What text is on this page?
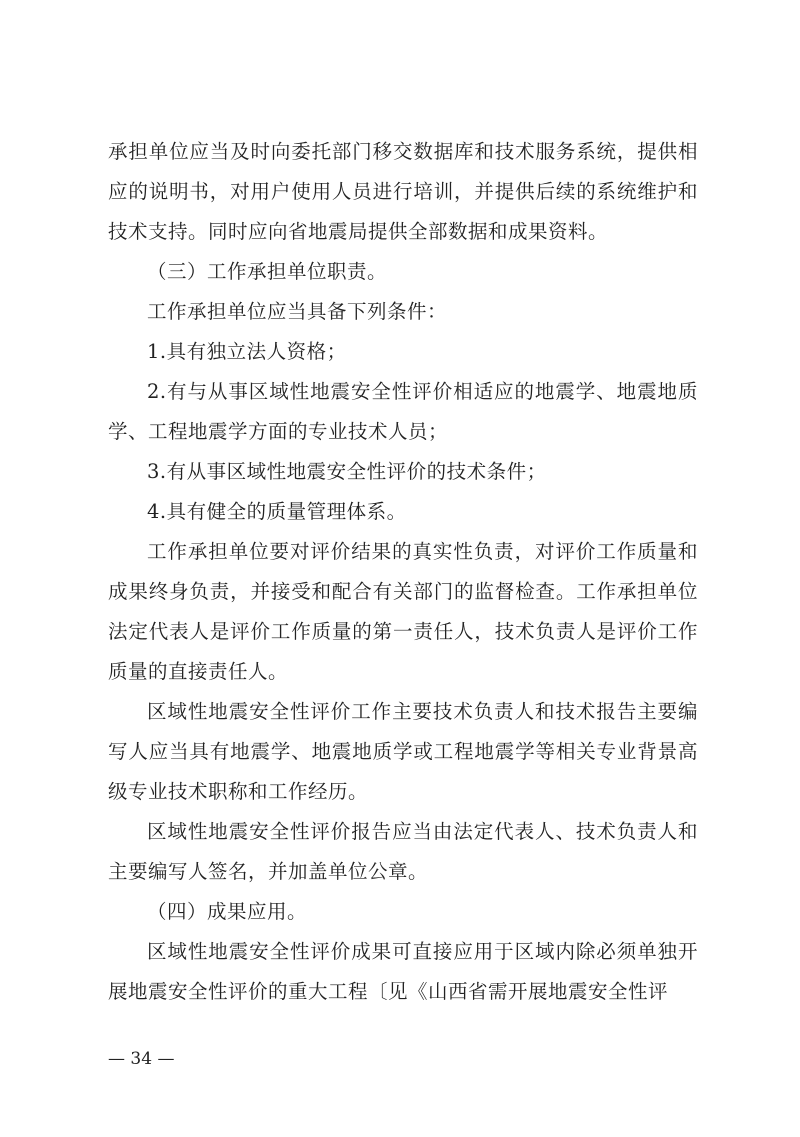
承担单位应当及时向委托部门移交数据库和技术服务系统，提供相应的说明书，对用户使用人员进行培训，并提供后续的系统维护和技术支持。同时应向省地震局提供全部数据和成果资料。

（三）工作承担单位职责。

工作承担单位应当具备下列条件：

1.具有独立法人资格；

2.有与从事区域性地震安全性评价相适应的地震学、地震地质学、工程地震学方面的专业技术人员；

3.有从事区域性地震安全性评价的技术条件；

4.具有健全的质量管理体系。

工作承担单位要对评价结果的真实性负责，对评价工作质量和成果终身负责，并接受和配合有关部门的监督检查。工作承担单位法定代表人是评价工作质量的第一责任人，技术负责人是评价工作质量的直接责任人。

区域性地震安全性评价工作主要技术负责人和技术报告主要编写人应当具有地震学、地震地质学或工程地震学等相关专业背景高级专业技术职称和工作经历。

区域性地震安全性评价报告应当由法定代表人、技术负责人和主要编写人签名，并加盖单位公章。

（四）成果应用。

区域性地震安全性评价成果可直接应用于区域内除必须单独开展地震安全性评价的重大工程〔见《山西省需开展地震安全性评

— 34 —
